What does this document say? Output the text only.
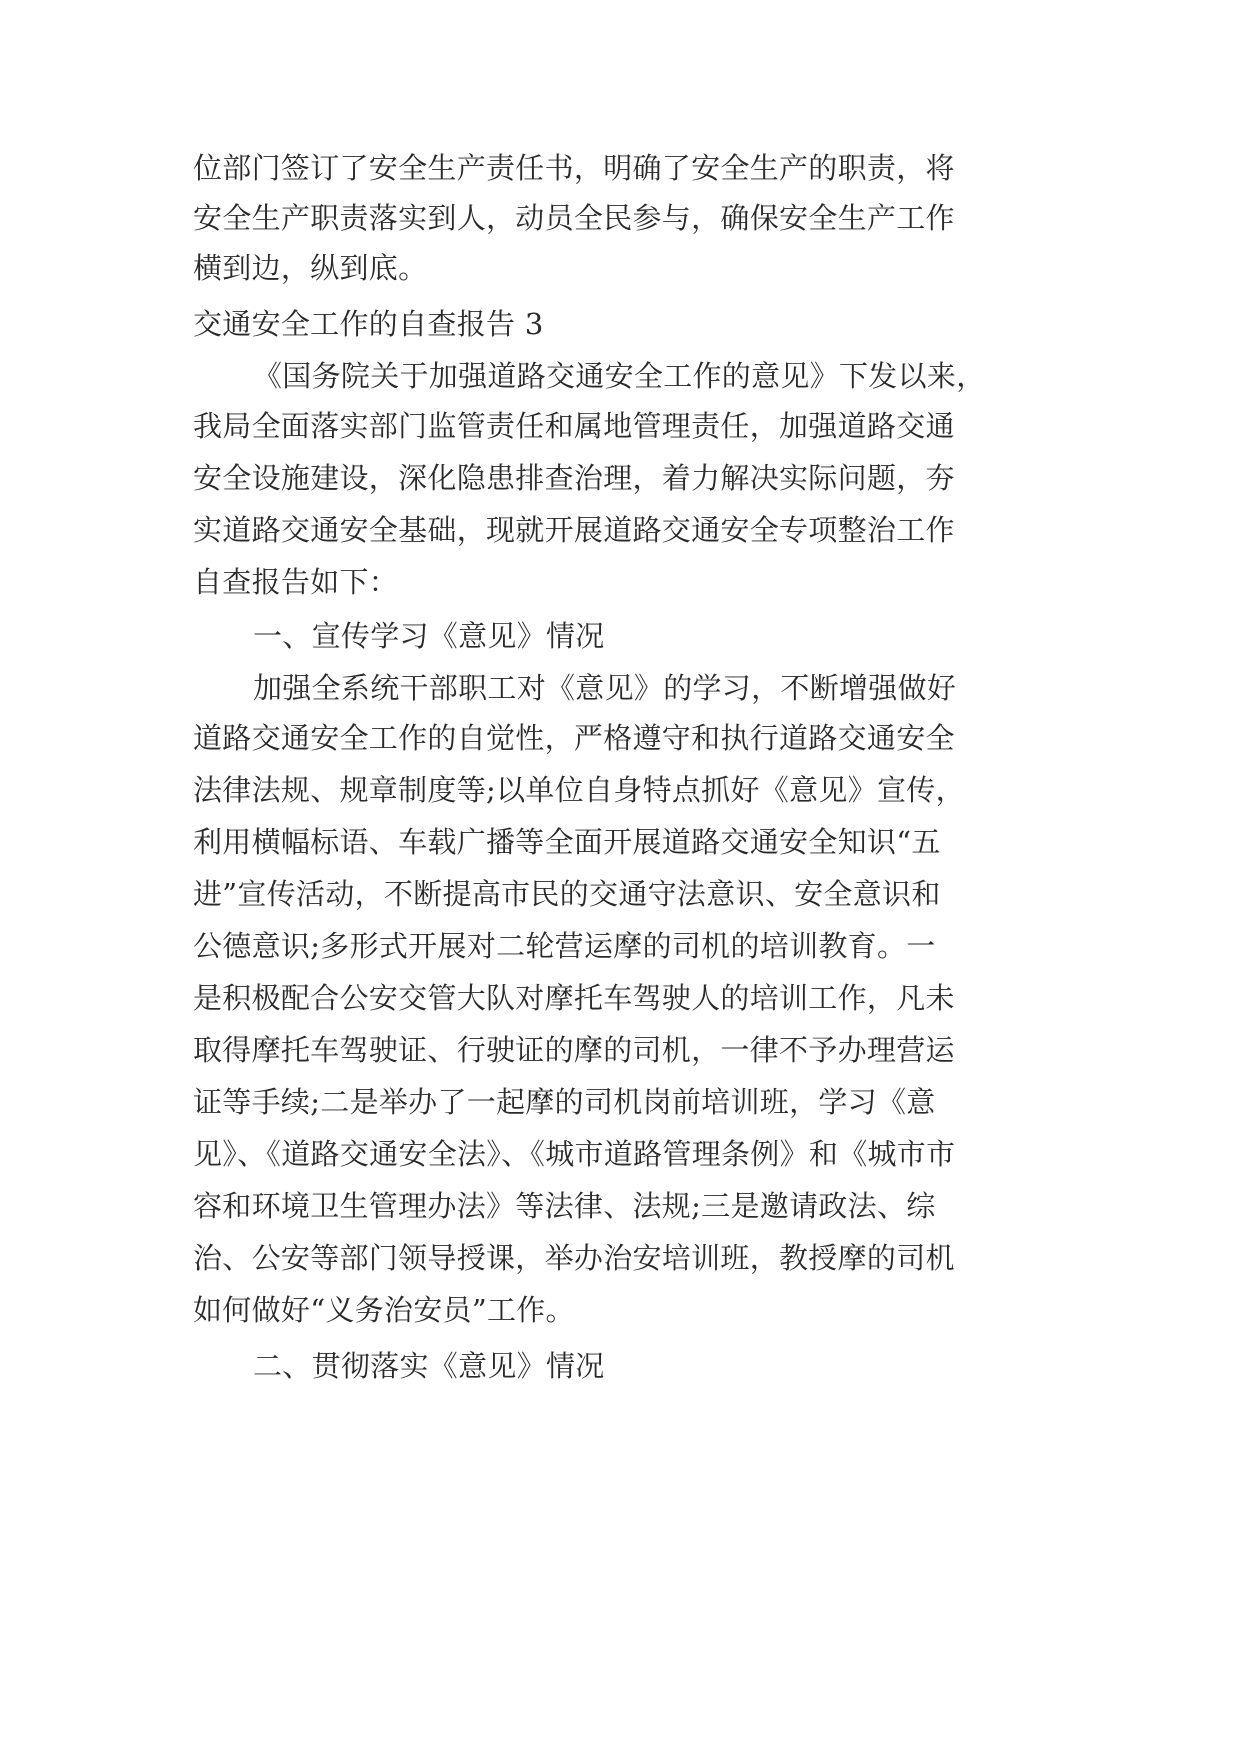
位部门签订了安全生产责任书，明确了安全生产的职责，将
安全生产职责落实到人，动员全民参与，确保安全生产工作
横到边，纵到底。
交通安全工作的自查报告 3
《国务院关于加强道路交通安全工作的意见》下发以来，
我局全面落实部门监管责任和属地管理责任，加强道路交通
安全设施建设，深化隐患排查治理，着力解决实际问题，夯
实道路交通安全基础，现就开展道路交通安全专项整治工作
自查报告如下：
一、宣传学习《意见》情况
加强全系统干部职工对《意见》的学习，不断增强做好
道路交通安全工作的自觉性，严格遵守和执行道路交通安全
法律法规、规章制度等;以单位自身特点抓好《意见》宣传，
利用横幅标语、车载广播等全面开展道路交通安全知识“五
进”宣传活动，不断提高市民的交通守法意识、安全意识和
公德意识;多形式开展对二轮营运摩的司机的培训教育。一
是积极配合公安交管大队对摩托车驾驶人的培训工作，凡未
取得摩托车驾驶证、行驶证的摩的司机，一律不予办理营运
证等手续;二是举办了一起摩的司机岗前培训班，学习《意
见》、《道路交通安全法》、《城市道路管理条例》和《城市市
容和环境卫生管理办法》等法律、法规;三是邀请政法、综
治、公安等部门领导授课，举办治安培训班，教授摩的司机
如何做好“义务治安员”工作。
二、贯彻落实《意见》情况
